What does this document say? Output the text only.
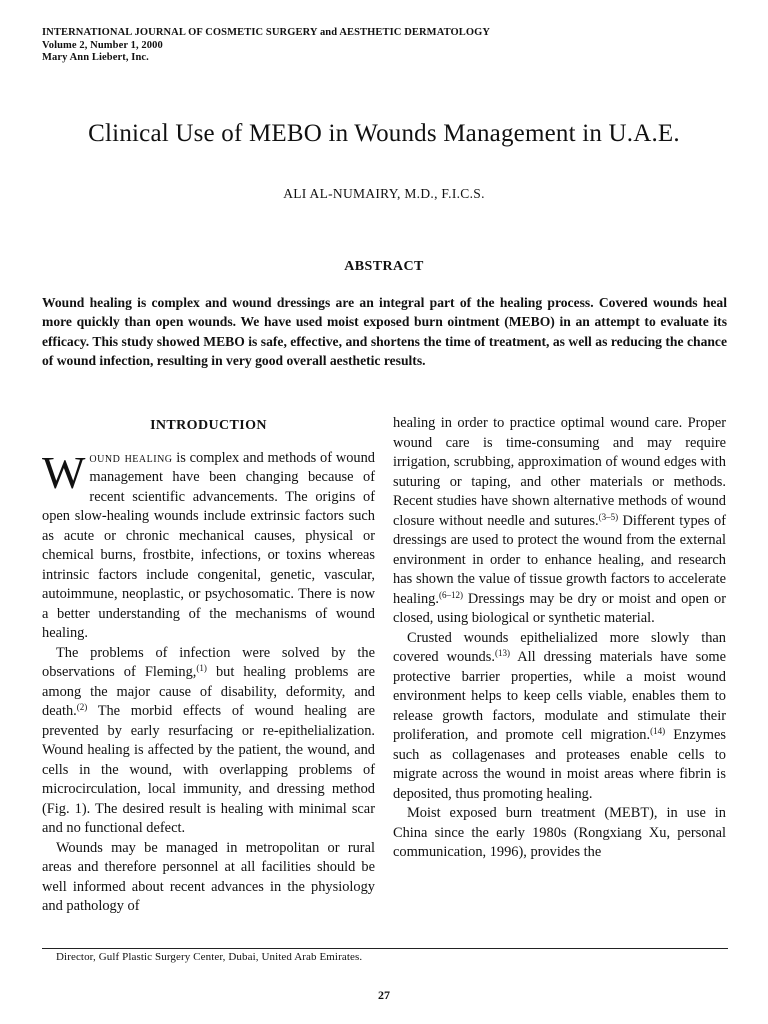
INTERNATIONAL JOURNAL OF COSMETIC SURGERY and AESTHETIC DERMATOLOGY
Volume 2, Number 1, 2000
Mary Ann Liebert, Inc.
Clinical Use of MEBO in Wounds Management in U.A.E.
ALI AL-NUMAIRY, M.D., F.I.C.S.
ABSTRACT
Wound healing is complex and wound dressings are an integral part of the healing process. Covered wounds heal more quickly than open wounds. We have used moist exposed burn ointment (MEBO) in an attempt to evaluate its efficacy. This study showed MEBO is safe, effective, and shortens the time of treatment, as well as reducing the chance of wound infection, resulting in very good overall aesthetic results.
INTRODUCTION

Wound healing is complex and methods of wound management have been changing because of recent scientific advancements. The origins of open slow-healing wounds include extrinsic factors such as acute or chronic mechanical causes, physical or chemical burns, frostbite, infections, or toxins whereas intrinsic factors include congenital, genetic, vascular, autoimmune, neoplastic, or psychosomatic. There is now a better understanding of the mechanisms of wound healing.

The problems of infection were solved by the observations of Fleming,$^{(1)}$ but healing problems are among the major cause of disability, deformity, and death.$^{(2)}$ The morbid effects of wound healing are prevented by early resurfacing or re-epithelialization. Wound healing is affected by the patient, the wound, and cells in the wound, with overlapping problems of microcirculation, local immunity, and dressing method (Fig. 1). The desired result is healing with minimal scar and no functional defect.

Wounds may be managed in metropolitan or rural areas and therefore personnel at all facilities should be well informed about recent advances in the physiology and pathology of

healing in order to practice optimal wound care. Proper wound care is time-consuming and may require irrigation, scrubbing, approximation of wound edges with suturing or taping, and other materials or methods. Recent studies have shown alternative methods of wound closure without needle and sutures.$^{(3-5)}$ Different types of dressings are used to protect the wound from the external environment in order to enhance healing, and research has shown the value of tissue growth factors to accelerate healing.$^{(6-12)}$ Dressings may be dry or moist and open or closed, using biological or synthetic material.

Crusted wounds epithelialized more slowly than covered wounds.$^{(13)}$ All dressing materials have some protective barrier properties, while a moist wound environment helps to keep cells viable, enables them to release growth factors, modulate and stimulate their proliferation, and promote cell migration.$^{(14)}$ Enzymes such as collagenases and proteases enable cells to migrate across the wound in moist areas where fibrin is deposited, thus promoting healing.

Moist exposed burn treatment (MEBT), in use in China since the early 1980s (Rongxiang Xu, personal communication, 1996), provides the

Director, Gulf Plastic Surgery Center, Dubai, United Arab Emirates.
27
